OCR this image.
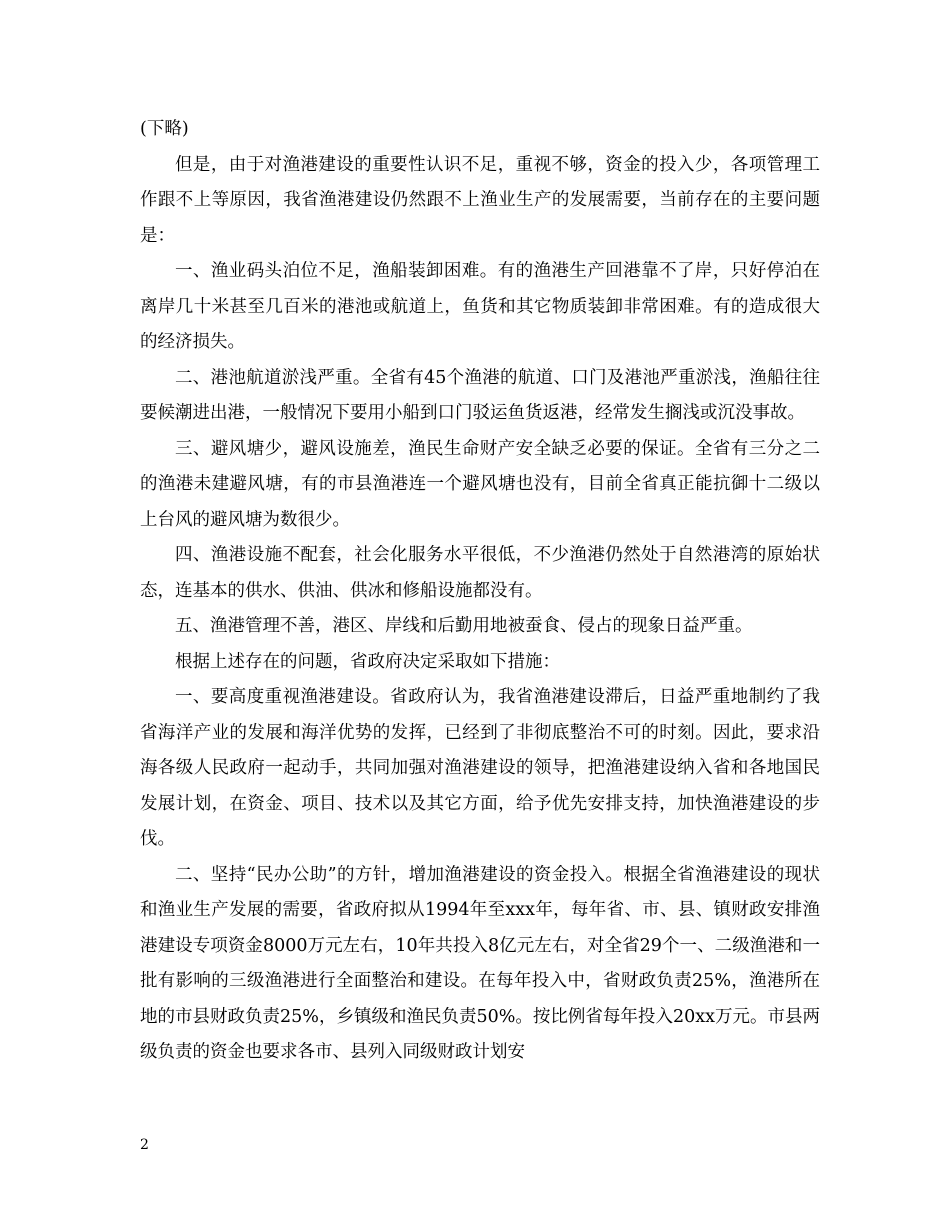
(下略)

但是，由于对渔港建设的重要性认识不足，重视不够，资金的投入少，各项管理工作跟不上等原因，我省渔港建设仍然跟不上渔业生产的发展需要，当前存在的主要问题是：

一、渔业码头泊位不足，渔船装卸困难。有的渔港生产回港靠不了岸，只好停泊在离岸几十米甚至几百米的港池或航道上，鱼货和其它物质装卸非常困难。有的造成很大的经济损失。

二、港池航道淤浅严重。全省有45个渔港的航道、口门及港池严重淤浅，渔船往往要候潮进出港，一般情况下要用小船到口门驳运鱼货返港，经常发生搁浅或沉没事故。

三、避风塘少，避风设施差，渔民生命财产安全缺乏必要的保证。全省有三分之二的渔港未建避风塘，有的市县渔港连一个避风塘也没有，目前全省真正能抗御十二级以上台风的避风塘为数很少。

四、渔港设施不配套，社会化服务水平很低，不少渔港仍然处于自然港湾的原始状态，连基本的供水、供油、供冰和修船设施都没有。

五、渔港管理不善，港区、岸线和后勤用地被蚕食、侵占的现象日益严重。

根据上述存在的问题，省政府决定采取如下措施：

一、要高度重视渔港建设。省政府认为，我省渔港建设滞后，日益严重地制约了我省海洋产业的发展和海洋优势的发挥，已经到了非彻底整治不可的时刻。因此，要求沿海各级人民政府一起动手，共同加强对渔港建设的领导，把渔港建设纳入省和各地国民发展计划，在资金、项目、技术以及其它方面，给予优先安排支持，加快渔港建设的步伐。

二、坚持“民办公助”的方针，增加渔港建设的资金投入。根据全省渔港建设的现状和渔业生产发展的需要，省政府拟从1994年至xxx年，每年省、市、县、镇财政安排渔港建设专项资金8000万元左右，10年共投入8亿元左右，对全省29个一、二级渔港和一批有影响的三级渔港进行全面整治和建设。在每年投入中，省财政负责25%，渔港所在地的市县财政负责25%，乡镇级和渔民负责50%。按比例省每年投入20xx万元。市县两级负责的资金也要求各市、县列入同级财政计划安

2
